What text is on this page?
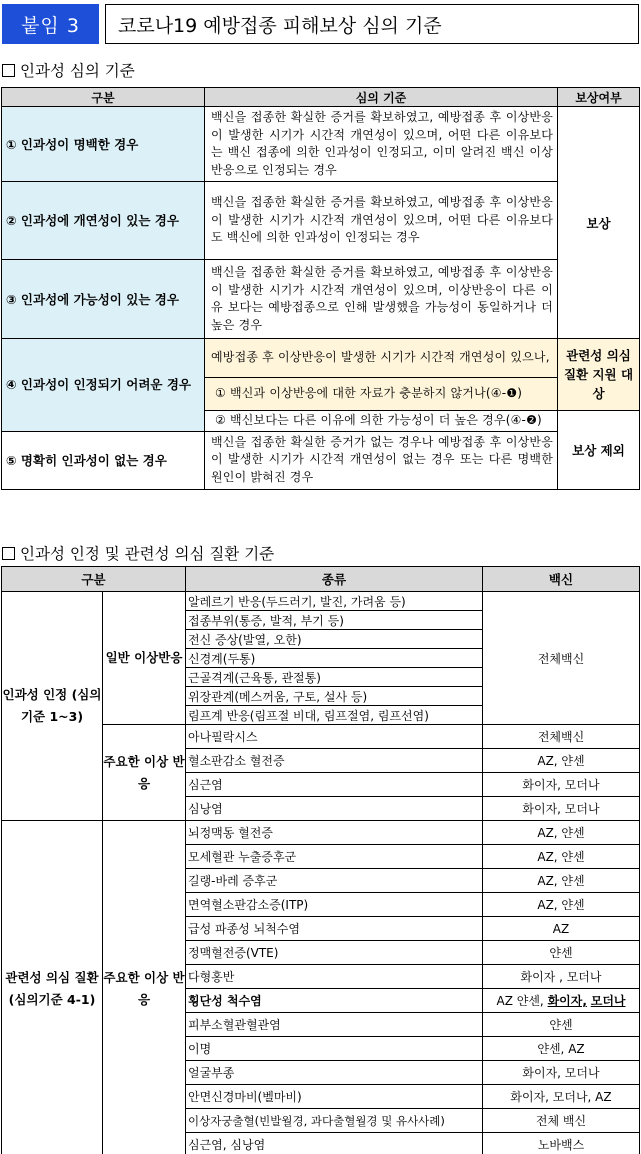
붙임 3	코로나19 예방접종 피해보상 심의 기준
인과성 심의 기준
구분	심의 기준	보상여부
① 인과성이 명백한 경우	백신을 접종한 확실한 증거를 확보하였고, 예방접종 후 이상반응이 발생한 시기가 시간적 개연성이 있으며, 어떤 다른 이유보다는 백신 접종에 의한 인과성이 인정되고, 이미 알려진 백신 이상반응으로 인정되는 경우	보상
② 인과성에 개연성이 있는 경우	백신을 접종한 확실한 증거를 확보하였고, 예방접종 후 이상반응이 발생한 시기가 시간적 개연성이 있으며, 어떤 다른 이유보다도 백신에 의한 인과성이 인정되는 경우	
③ 인과성에 가능성이 있는 경우	백신을 접종한 확실한 증거를 확보하였고, 예방접종 후 이상반응이 발생한 시기가 시간적 개연성이 있으며, 이상반응이 다른 이유 보다는 예방접종으로 인해 발생했을 가능성이 동일하거나 더 높은 경우	
④ 인과성이 인정되기 어려운 경우	예방접종 후 이상반응이 발생한 시기가 시간적 개연성이 있으나,	관련성 의심 질환 지원 대상
	① 백신과 이상반응에 대한 자료가 충분하지 않거나(④-❶)	
	② 백신보다는 다른 이유에 의한 가능성이 더 높은 경우(④-❷)	보상 제외
⑤ 명확히 인과성이 없는 경우	백신을 접종한 확실한 증거가 없는 경우나 예방접종 후 이상반응이 발생한 시기가 시간적 개연성이 없는 경우 또는 다른 명백한 원인이 밝혀진 경우	
인과성 인정 및 관련성 의심 질환 기준
구분		종류	백신
인과성 인정 (심의기준 1~3)	일반 이상반응	알레르기 반응(두드러기, 발진, 가려움 등)	전체백신
		접종부위(통증, 발적, 부기 등)	
		전신 증상(발열, 오한)	
		신경계(두통)	
		근골격계(근육통, 관절통)	
		위장관계(메스꺼움, 구토, 설사 등)	
		림프계 반응(림프절 비대, 림프절염, 림프선염)	
	주요한 이상 반응	아나필락시스	전체백신
		혈소판감소 혈전증	AZ, 얀센
		심근염	화이자, 모더나
		심낭염	화이자, 모더나
관련성 의심 질환 (심의기준 4-1)	주요한 이상 반응	뇌정맥동 혈전증	AZ, 얀센
		모세혈관 누출증후군	AZ, 얀센
		길랭-바레 증후군	AZ, 얀센
		면역혈소판감소증(ITP)	AZ, 얀센
		급성 파종성 뇌척수염	AZ
		정맥혈전증(VTE)	얀센
		다형홍반	화이자 , 모더나
		횡단성 척수염	AZ 얀센, 화이자, 모더나
		피부소혈관혈관염	얀센
		이명	얀센, AZ
		얼굴부종	화이자, 모더나
		안면신경마비(벨마비)	화이자, 모더나, AZ
		이상자궁출혈(빈발월경, 과다출혈월경 및 유사사례)	전체 백신
		심근염, 심낭염	노바백스
